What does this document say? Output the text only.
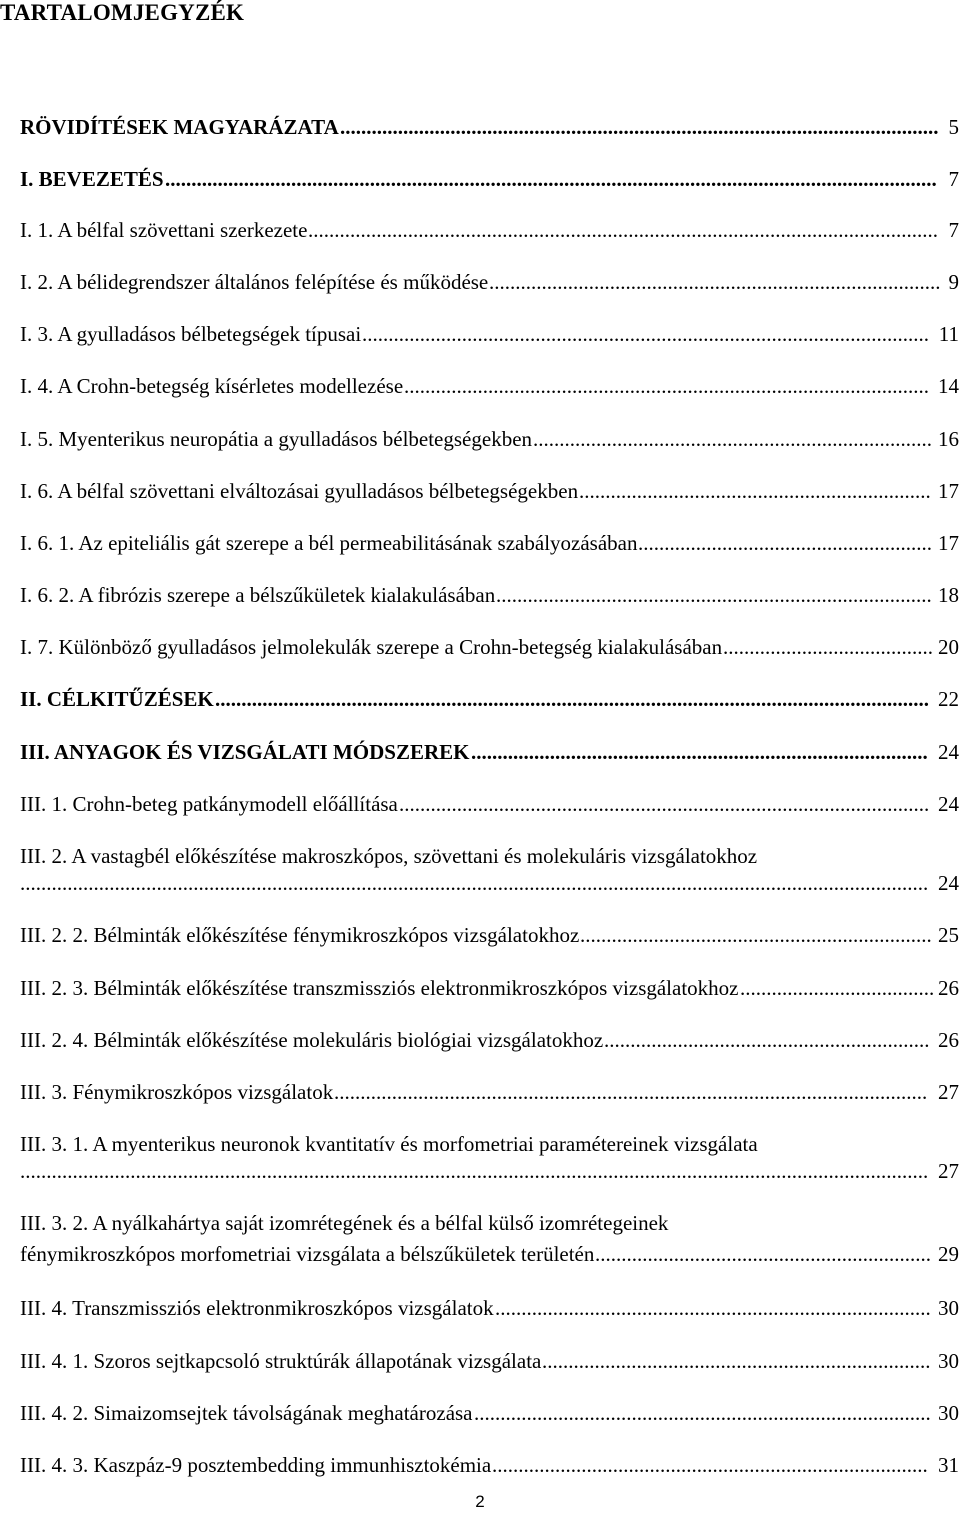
TARTALOMJEGYZÉK
RÖVIDÍTÉSEK MAGYARÁZATA .................................................................................................................. 5
I. BEVEZETÉS ................................................................................................................................................... 7
I. 1. A bélfal szövettani szerkezete ........................................................................................................................ 7
I. 2. A bélidegrendszer általános felépítése és működése ...................................................................................... 9
I. 3. A gyulladásos bélbetegségek típusai ............................................................................................................ 11
I. 4. A Crohn-betegség kísérletes modellezése .................................................................................................... 14
I. 5. Myenterikus neuropátia a gyulladásos bélbetegségekben ............................................................................ 16
I. 6. A bélfal szövettani elváltozásai gyulladásos bélbetegségekben ................................................................... 17
I. 6. 1. Az epiteliális gát szerepe a bél permeabilitásának szabályozásában ........................................................ 17
I. 6. 2. A fibrózis szerepe a bélszűkületek kialakulásában ................................................................................... 18
I. 7. Különböző gyulladásos jelmolekulák szerepe a Crohn-betegség kialakulásában ........................................ 20
II. CÉLKITŰZÉSEK ........................................................................................................................................ 22
III. ANYAGOK ÉS VIZSGÁLATI MÓDSZEREK ....................................................................................... 24
III. 1. Crohn-beteg patkánymodell előállítása ..................................................................................................... 24
III. 2. A vastagbél előkészítése makroszkópos, szövettani és molekuláris vizsgálatokhoz
............................................................................................................................................................................. 24
III. 2. 2. Bélminták előkészítése fénymikroszkópos vizsgálatokhoz ................................................................... 25
III. 2. 3. Bélminták előkészítése transzmissziós elektronmikroszkópos vizsgálatokhoz ..................................... 26
III. 2. 4. Bélminták előkészítése molekuláris biológiai vizsgálatokhoz .............................................................. 26
III. 3. Fénymikroszkópos vizsgálatok ................................................................................................................. 27
III. 3. 1. A myenterikus neuronok kvantitatív és morfometriai paramétereinek vizsgálata
............................................................................................................................................................................. 27
III. 3. 2. A nyálkahártya saját izomrétegének és a bélfal külső izomrétegeinek
fénymikroszkópos morfometriai vizsgálata a bélszűkületek területén ................................................................ 29
III. 4. Transzmissziós elektronmikroszkópos vizsgálatok ................................................................................... 30
III. 4. 1. Szoros sejtkapcsoló struktúrák állapotának vizsgálata .......................................................................... 30
III. 4. 2. Simaizomsejtek távolságának meghatározása ....................................................................................... 30
III. 4. 3. Kaszpáz-9 posztembedding immunhisztokémia ................................................................................... 31
2
